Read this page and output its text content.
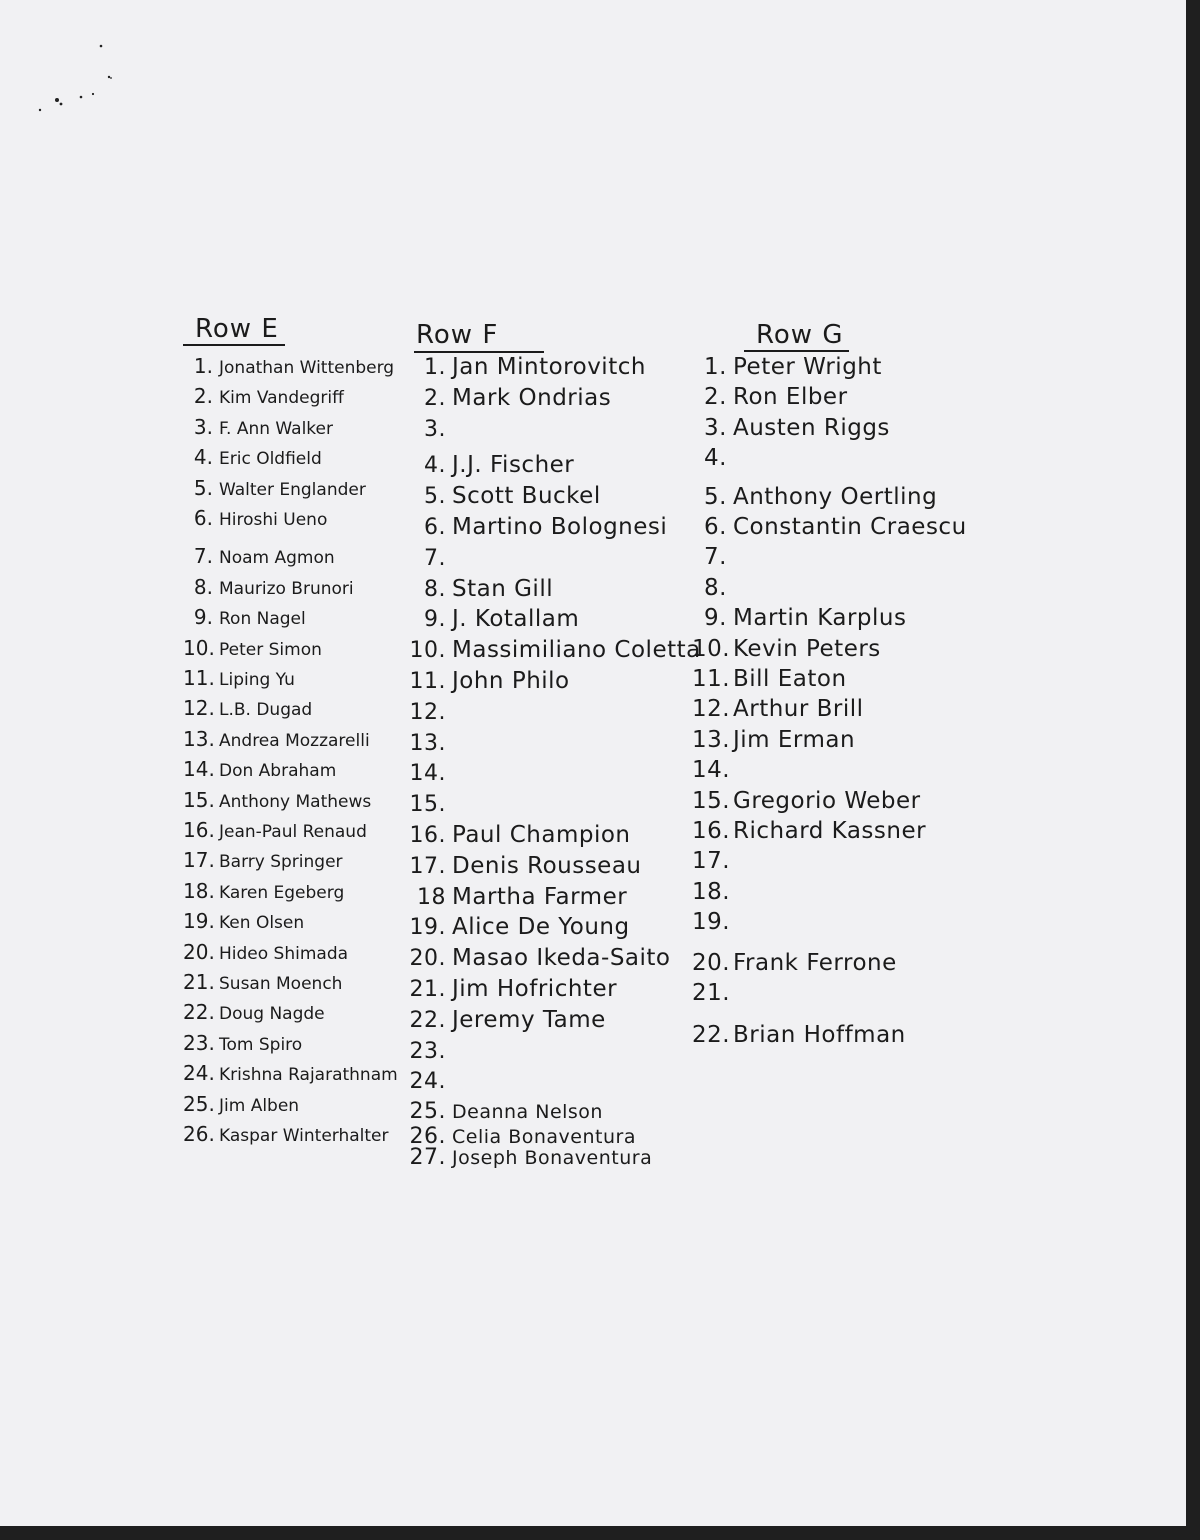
Row E
1. Jonathan Wittenberg
2. Kim Vandegriff
3. F. Ann Walker
4. Eric Oldfield
5. Walter Englander
6. Hiroshi Ueno
7. Noam Agmon
8. Maurizo Brunori
9. Ron Nagel
10. Peter Simon
11. Liping Yu
12. L.B. Dugad
13. Andrea Mozzarelli
14. Don Abraham
15. Anthony Mathews
16. Jean-Paul Renaud
17. Barry Springer
18. Karen Egeberg
19. Ken Olsen
20. Hideo Shimada
21. Susan Moench
22. Doug Nagde
23. Tom Spiro
24. Krishna Rajarathnam
25. Jim Alben
26. Kaspar Winterhalter
Row F
1. Jan Mintorovitch
2. Mark Ondrias
3.
4. J.J. Fischer
5. Scott Buckel
6. Martino Bolognesi
7.
8. Stan Gill
9. J. Kotallam
10. Massimiliano Coletta
11. John Philo
12.
13.
14.
15.
16. Paul Champion
17. Denis Rousseau
18 Martha Farmer
19. Alice De Young
20. Masao Ikeda-Saito
21. Jim Hofrichter
22. Jeremy Tame
23.
24.
25. Deanna Nelson
26. Celia Bonaventura
27. Joseph Bonaventura
Row G
1. Peter Wright
2. Ron Elber
3. Austen Riggs
4.
5. Anthony Oertling
6. Constantin Craescu
7.
8.
9. Martin Karplus
10. Kevin Peters
11. Bill Eaton
12. Arthur Brill
13. Jim Erman
14.
15. Gregorio Weber
16. Richard Kassner
17.
18.
19.
20. Frank Ferrone
21.
22. Brian Hoffman
